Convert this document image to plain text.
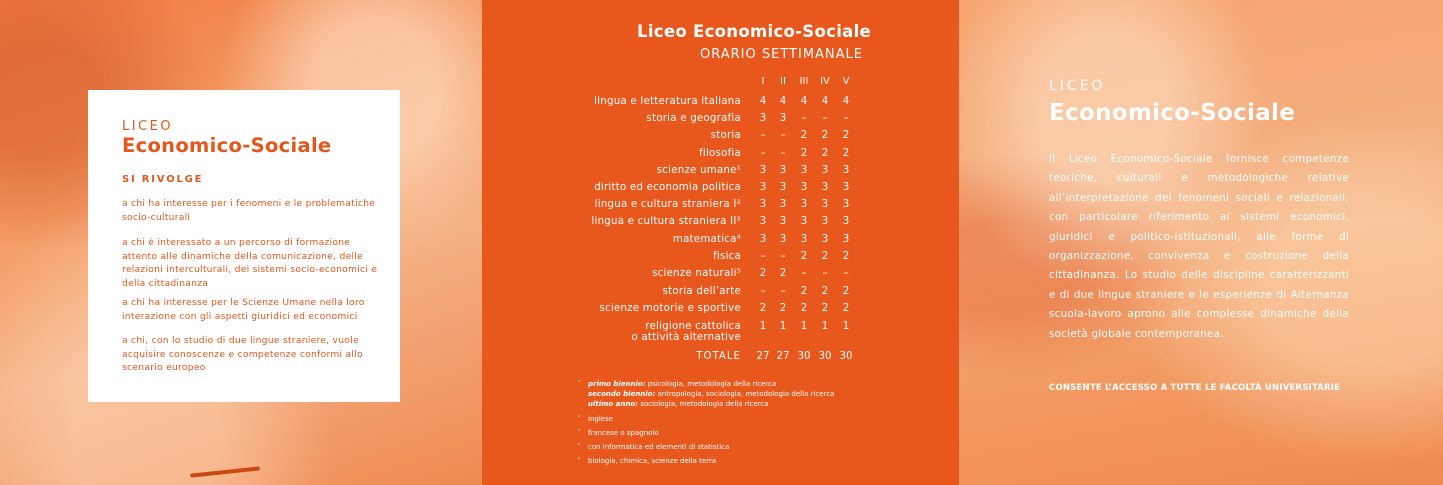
LICEO
Economico-Sociale
SI RIVOLGE
a chi ha interesse per i fenomeni e le problematiche socio-culturali
a chi è interessato a un percorso di formazione attento alle dinamiche della comunicazione, delle relazioni interculturali, dei sistemi socio-economici e della cittadinanza
a chi ha interesse per le Scienze Umane nella loro interazione con gli aspetti giuridici ed economici
a chi, con lo studio di due lingue straniere, vuole acquisire conoscenze e competenze conformi allo scenario europeo
Liceo Economico-Sociale
ORARIO SETTIMANALE
I	II	III	IV	V
lingua e letteratura italiana	4	4	4	4	4
storia e geografia	3	3	–	–	–
storia	–	–	2	2	2
filosofia	–	–	2	2	2
scienze umane¹	3	3	3	3	3
diritto ed economia politica	3	3	3	3	3
lingua e cultura straniera I²	3	3	3	3	3
lingua e cultura straniera II³	3	3	3	3	3
matematica⁴	3	3	3	3	3
fisica	–	–	2	2	2
scienze naturali⁵	2	2	–	–	–
storia dell’arte	–	–	2	2	2
scienze motorie e sportive	2	2	2	2	2
religione cattolica
o attività alternative
1	1	1	1	1
TOTALE	27 27 30 30 30
¹ primo biennio: psicologia, metodologia della ricerca
secondo biennio: antropologia, sociologia, metodologia della ricerca
ultimo anno: sociologia, metodologia della ricerca
² inglese
³ francese o spagnolo
⁴ con informatica ed elementi di statistica
⁵ biologia, chimica, scienze della terra
LICEO
Economico-Sociale
Il Liceo Economico-Sociale fornisce competenze teoriche, culturali e metodologiche relative all’interpretazione dei fenomeni sociali e relazionali, con particolare riferimento ai sistemi economici, giuridici e politico-istituzionali, alle forme di organizzazione, convivenza e costruzione della cittadinanza. Lo studio delle discipline caratterizzanti e di due lingue straniere e le esperienze di Alternanza scuola-lavoro aprono alle complesse dinamiche della società globale contemporanea.
CONSENTE L’ACCESSO A TUTTE LE FACOLTÀ UNIVERSITARIE
